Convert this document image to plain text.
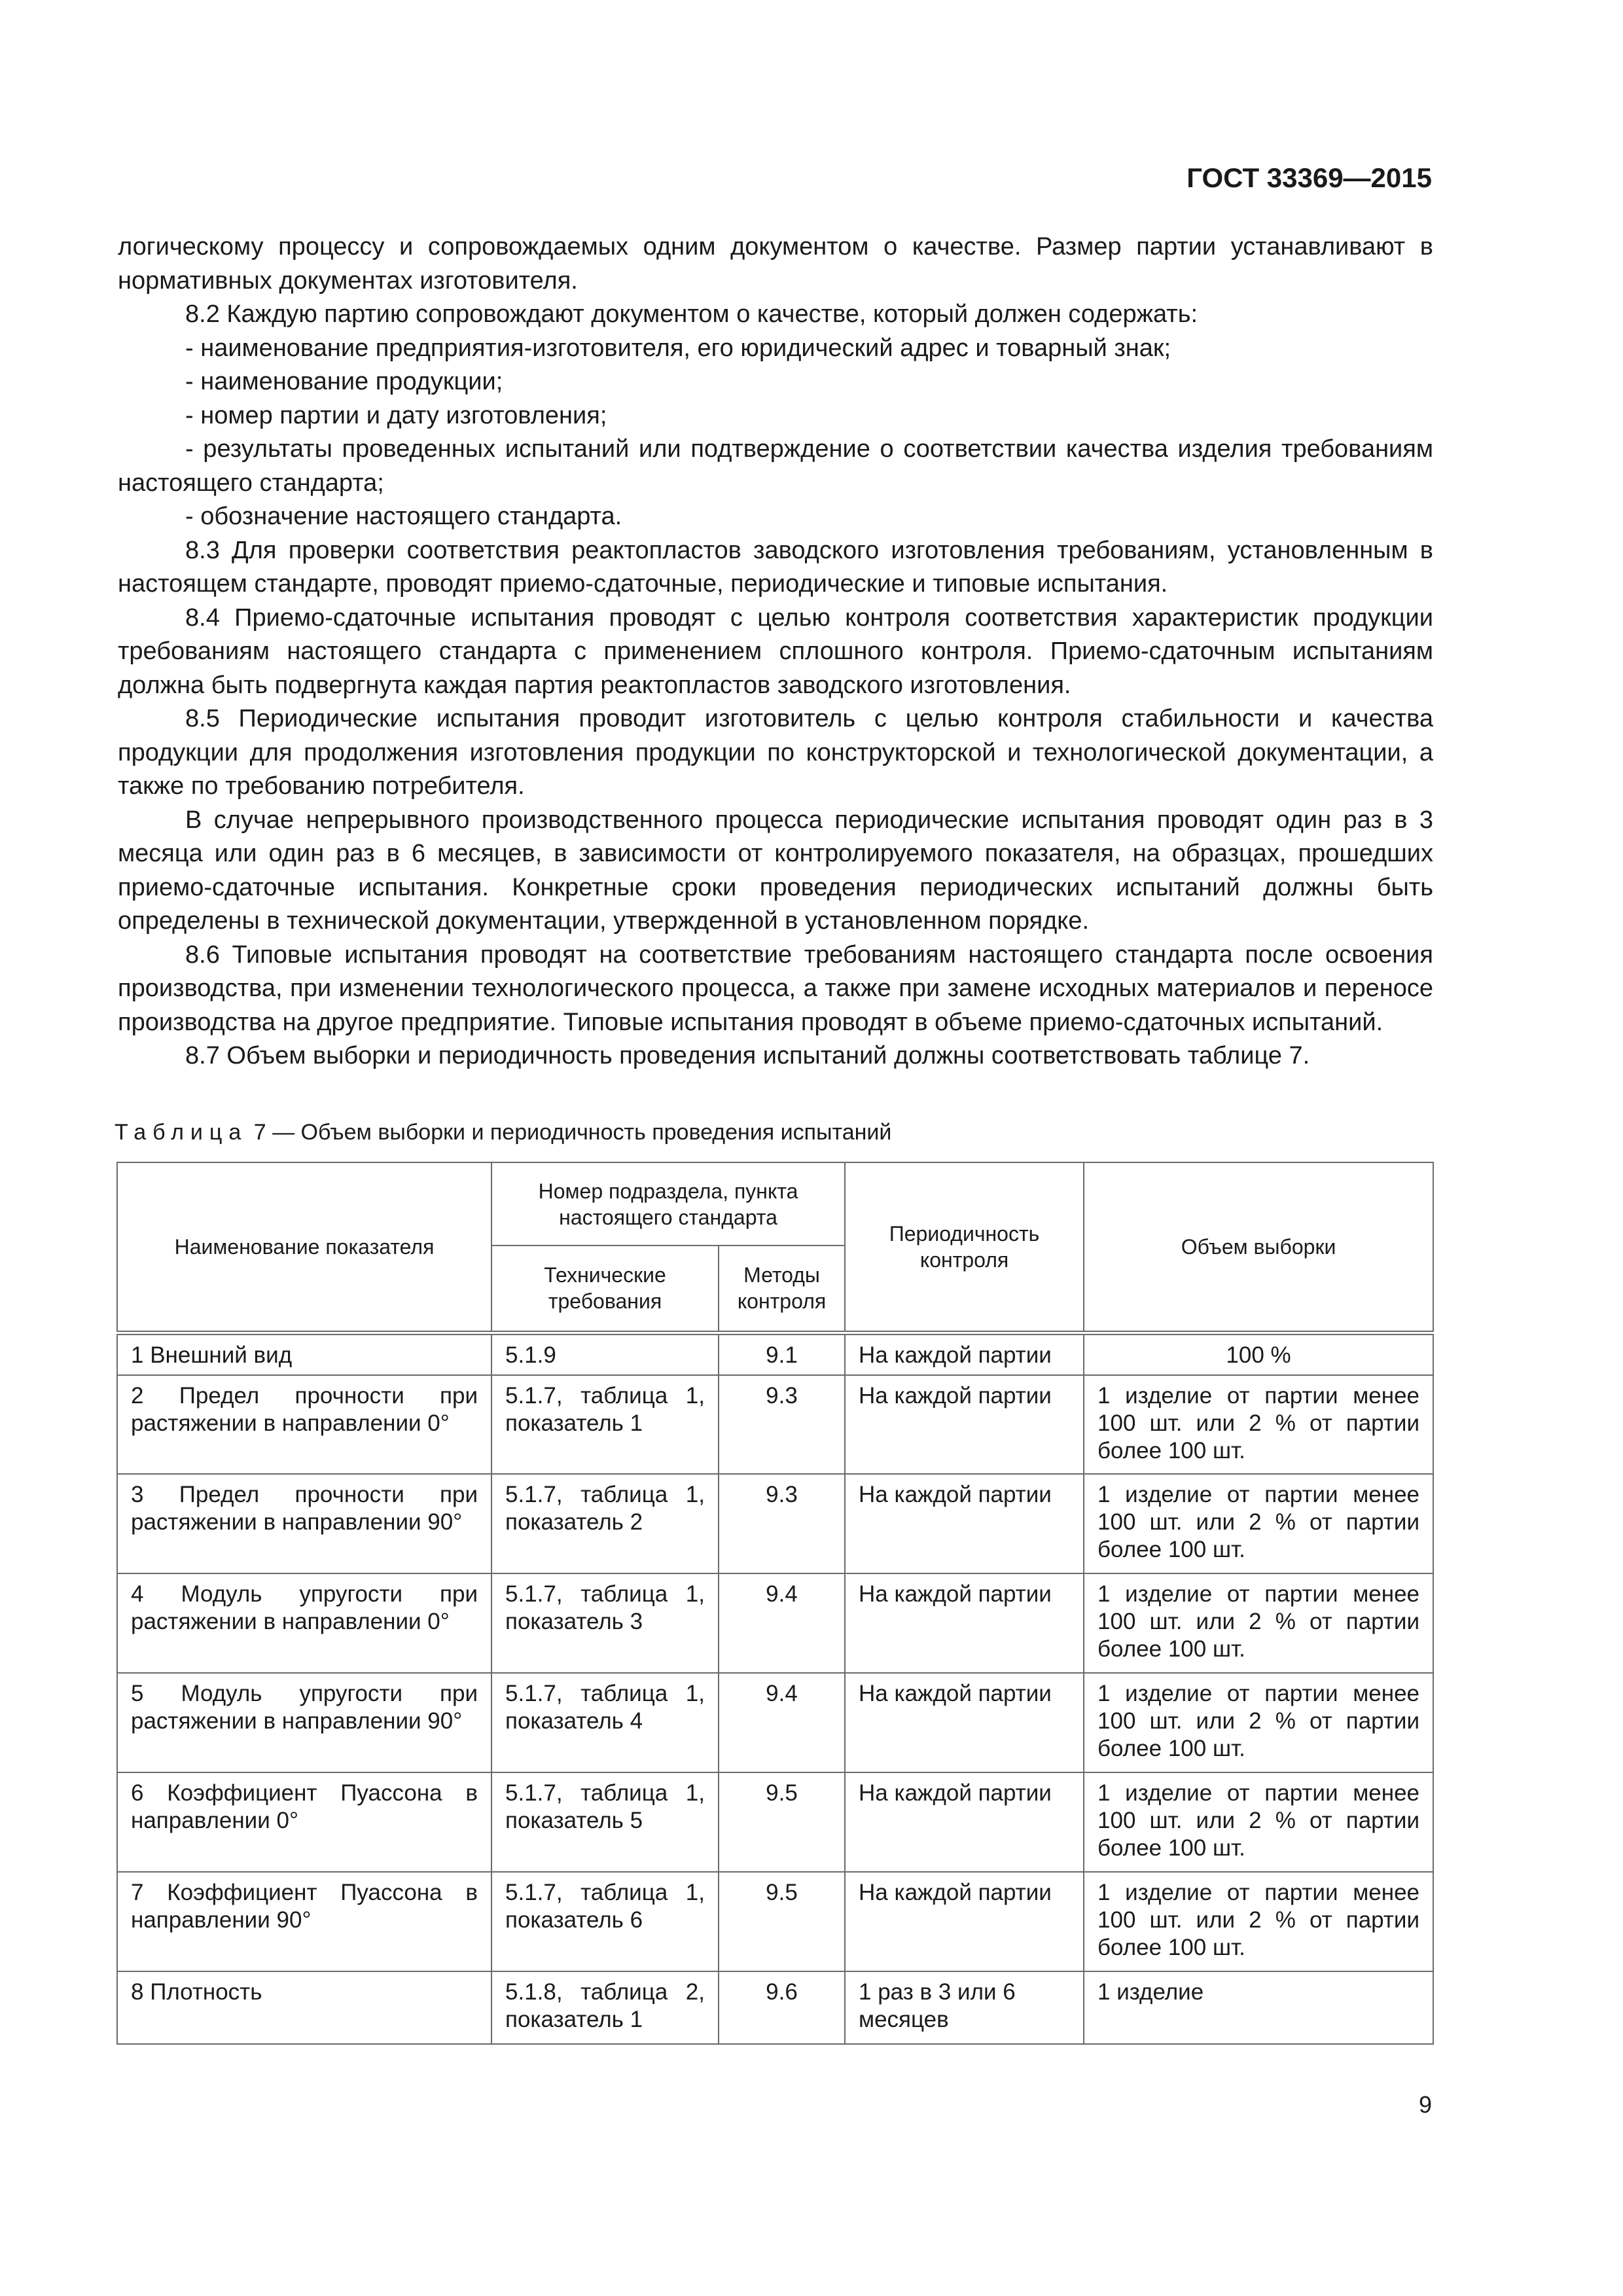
ГОСТ 33369—2015

логическому процессу и сопровождаемых одним документом о качестве. Размер партии устанавливают в нормативных документах изготовителя.

8.2 Каждую партию сопровождают документом о качестве, который должен содержать:

- наименование предприятия-изготовителя, его юридический адрес и товарный знак;

- наименование продукции;

- номер партии и дату изготовления;

- результаты проведенных испытаний или подтверждение о соответствии качества изделия требованиям настоящего стандарта;

- обозначение настоящего стандарта.

8.3 Для проверки соответствия реактопластов заводского изготовления требованиям, установленным в настоящем стандарте, проводят приемо-сдаточные, периодические и типовые испытания.

8.4 Приемо-сдаточные испытания проводят с целью контроля соответствия характеристик продукции требованиям настоящего стандарта с применением сплошного контроля. Приемо-сдаточным испытаниям должна быть подвергнута каждая партия реактопластов заводского изготовления.

8.5 Периодические испытания проводит изготовитель с целью контроля стабильности и качества продукции для продолжения изготовления продукции по конструкторской и технологической документации, а также по требованию потребителя.

В случае непрерывного производственного процесса периодические испытания проводят один раз в 3 месяца или один раз в 6 месяцев, в зависимости от контролируемого показателя, на образцах, прошедших приемо-сдаточные испытания. Конкретные сроки проведения периодических испытаний должны быть определены в технической документации, утвержденной в установленном порядке.

8.6 Типовые испытания проводят на соответствие требованиям настоящего стандарта после освоения производства, при изменении технологического процесса, а также при замене исходных материалов и переносе производства на другое предприятие. Типовые испытания проводят в объеме приемо-сдаточных испытаний.

8.7 Объем выборки и периодичность проведения испытаний должны соответствовать таблице 7.

Таблица 7 — Объем выборки и периодичность проведения испытаний
Наименование показателя	Номер подраздела, пункта настоящего стандарта		Периодичность контроля	Объем выборки
	Технические требования	Методы контроля		
1 Внешний вид	5.1.9	9.1	На каждой партии	100 %
2 Предел прочности при растяжении в направлении 0°	5.1.7, таблица 1, показатель 1	9.3	На каждой партии	1 изделие от партии менее 100 шт. или 2 % от партии более 100 шт.
3 Предел прочности при растяжении в направлении 90°	5.1.7, таблица 1, показатель 2	9.3	На каждой партии	1 изделие от партии менее 100 шт. или 2 % от партии более 100 шт.
4 Модуль упругости при растяжении в направлении 0°	5.1.7, таблица 1, показатель 3	9.4	На каждой партии	1 изделие от партии менее 100 шт. или 2 % от партии более 100 шт.
5 Модуль упругости при растяжении в направлении 90°	5.1.7, таблица 1, показатель 4	9.4	На каждой партии	1 изделие от партии менее 100 шт. или 2 % от партии более 100 шт.
6 Коэффициент Пуассона в направлении 0°	5.1.7, таблица 1, показатель 5	9.5	На каждой партии	1 изделие от партии менее 100 шт. или 2 % от партии более 100 шт.
7 Коэффициент Пуассона в направлении 90°	5.1.7, таблица 1, показатель 6	9.5	На каждой партии	1 изделие от партии менее 100 шт. или 2 % от партии более 100 шт.
8 Плотность	5.1.8, таблица 2, показатель 1	9.6	1 раз в 3 или 6 месяцев	1 изделие
9
